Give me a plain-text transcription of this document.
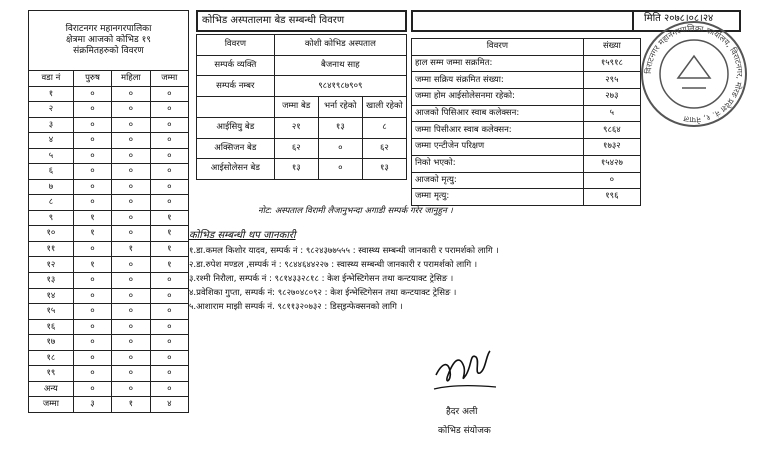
विराटनगर महानगरपालिका
क्षेत्रमा आजको कोभिड १९
संक्रमितहरुको विवरण			

वडा नं	पुरुष	महिला	जम्मा
१	०	०	०
२	०	०	०
३	०	०	०
४	०	०	०
५	०	०	०
६	०	०	०
७	०	०	०
८	०	०	०
९	१	०	१
१०	१	०	१
११	०	१	१
१२	१	०	१
१३	०	०	०
१४	०	०	०
१५	०	०	०
१६	०	०	०
१७	०	०	०
१८	०	०	०
१९	०	०	०
अन्य	०	०	०
जम्मा	३	१	४
कोभिड अस्पतालमा बेड सम्बन्धी विवरण
विवरण	कोशी कोभिड अस्पताल		
सम्पर्क व्यक्ति	बैजनाथ साह		
सम्पर्क नम्बर	९८४१९८७९०९		
	जम्मा बेड	भर्ना रहेको	खाली रहेको
आईसियु बेड	२१	१३	८
अक्सिजन बेड	६२	०	६२
आईसोलेसन बेड	१३	०	१३
मिति २०७८।०८।२४
विवरण	संख्या
हाल सम्म जम्मा सक्रमित:	१५९१८
जम्मा सक्रिय संक्रमित संख्या:	२९५
जम्मा होम आईसोलेसनमा रहेको:	२७३
आजको पिसिआर स्वाब कलेक्सन:	५
जम्मा पिसीआर स्वाब कलेक्सन:	९८६४
जम्मा एन्टीजेन परिक्षण	१७३२
निको भएको:	१५४२७
आजको मृत्यु:	०
जम्मा मृत्यु:	१९६
विराटनगर महानगरपालिका कार्यालय, विराटनगर, मोरङ प्रदेश नं. १, नेपाल
नोट: अस्पताल विरामी लैजानुभन्दा अगाडी सम्पर्क गरेर जानुहुन ।
कोभिड सम्बन्धी थप जानकारी
१.डा.कमल किशोर यादव, सम्पर्क नं : ९८२४३७७५५५ : स्वास्थ्य सम्बन्धी जानकारी र परामर्शको लागि ।
२.डा.रुपेश मण्डल ,सम्पर्क नं : ९८४४६४४२२७ : स्वास्थ्य सम्बन्धी जानकारी र परामर्शको लागि ।
३.रश्मी निरौला, सम्पर्क नं : ९८१४३३२८१८ : केश ईन्भेस्टिगेसन तथा कन्टयाक्ट ट्रेसिङ ।
४.प्रवेशिका गुप्ता, सम्पर्क नं: ९८२७०४८०९२ : केश ईन्भेस्टिगेसन तथा कन्टयाक्ट ट्रेसिङ ।
५.आशाराम माझी सम्पर्क नं. ९८११३२०७३२ : डिस्इन्फेक्सनको लागि ।
हैदर अली
कोभिड संयोजक
